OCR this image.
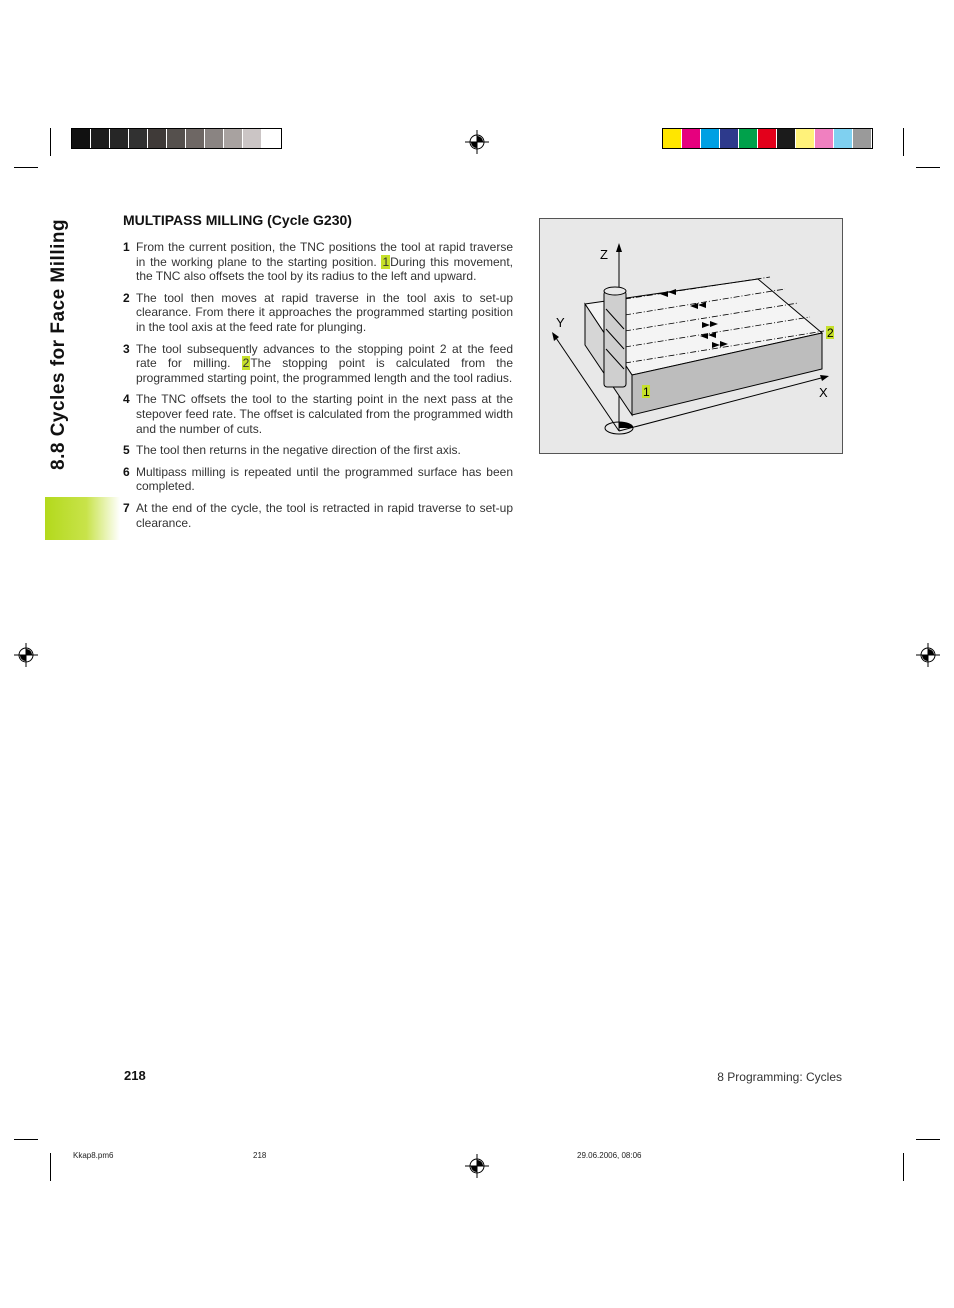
8.8 Cycles for Face Milling	MULTIPASS MILLING (Cycle G230)
1 From the current position, the TNC positions the tool at rapid traverse in the working plane to the starting position. 1During this movement, the TNC also offsets the tool by its radius to the left and upward.
2 The tool then moves at rapid traverse in the tool axis to set-up clearance. From there it approaches the programmed starting position in the tool axis at the feed rate for plunging.
3 The tool subsequently advances to the stopping point 2 at the feed rate for milling. 2The stopping point is calculated from the programmed starting point, the programmed length and the tool radius.
4 The TNC offsets the tool to the starting point in the next pass at the stepover feed rate. The offset is calculated from the programmed width and the number of cuts.
5 The tool then returns in the negative direction of the first axis.
6 Multipass milling is repeated until the programmed surface has been completed.
7 At the end of the cycle, the tool is retracted in rapid traverse to set-up clearance.
Z
Y
X
1
2
218	8 Programming: Cycles
Kkap8.pm6	218	29.06.2006, 08:06
